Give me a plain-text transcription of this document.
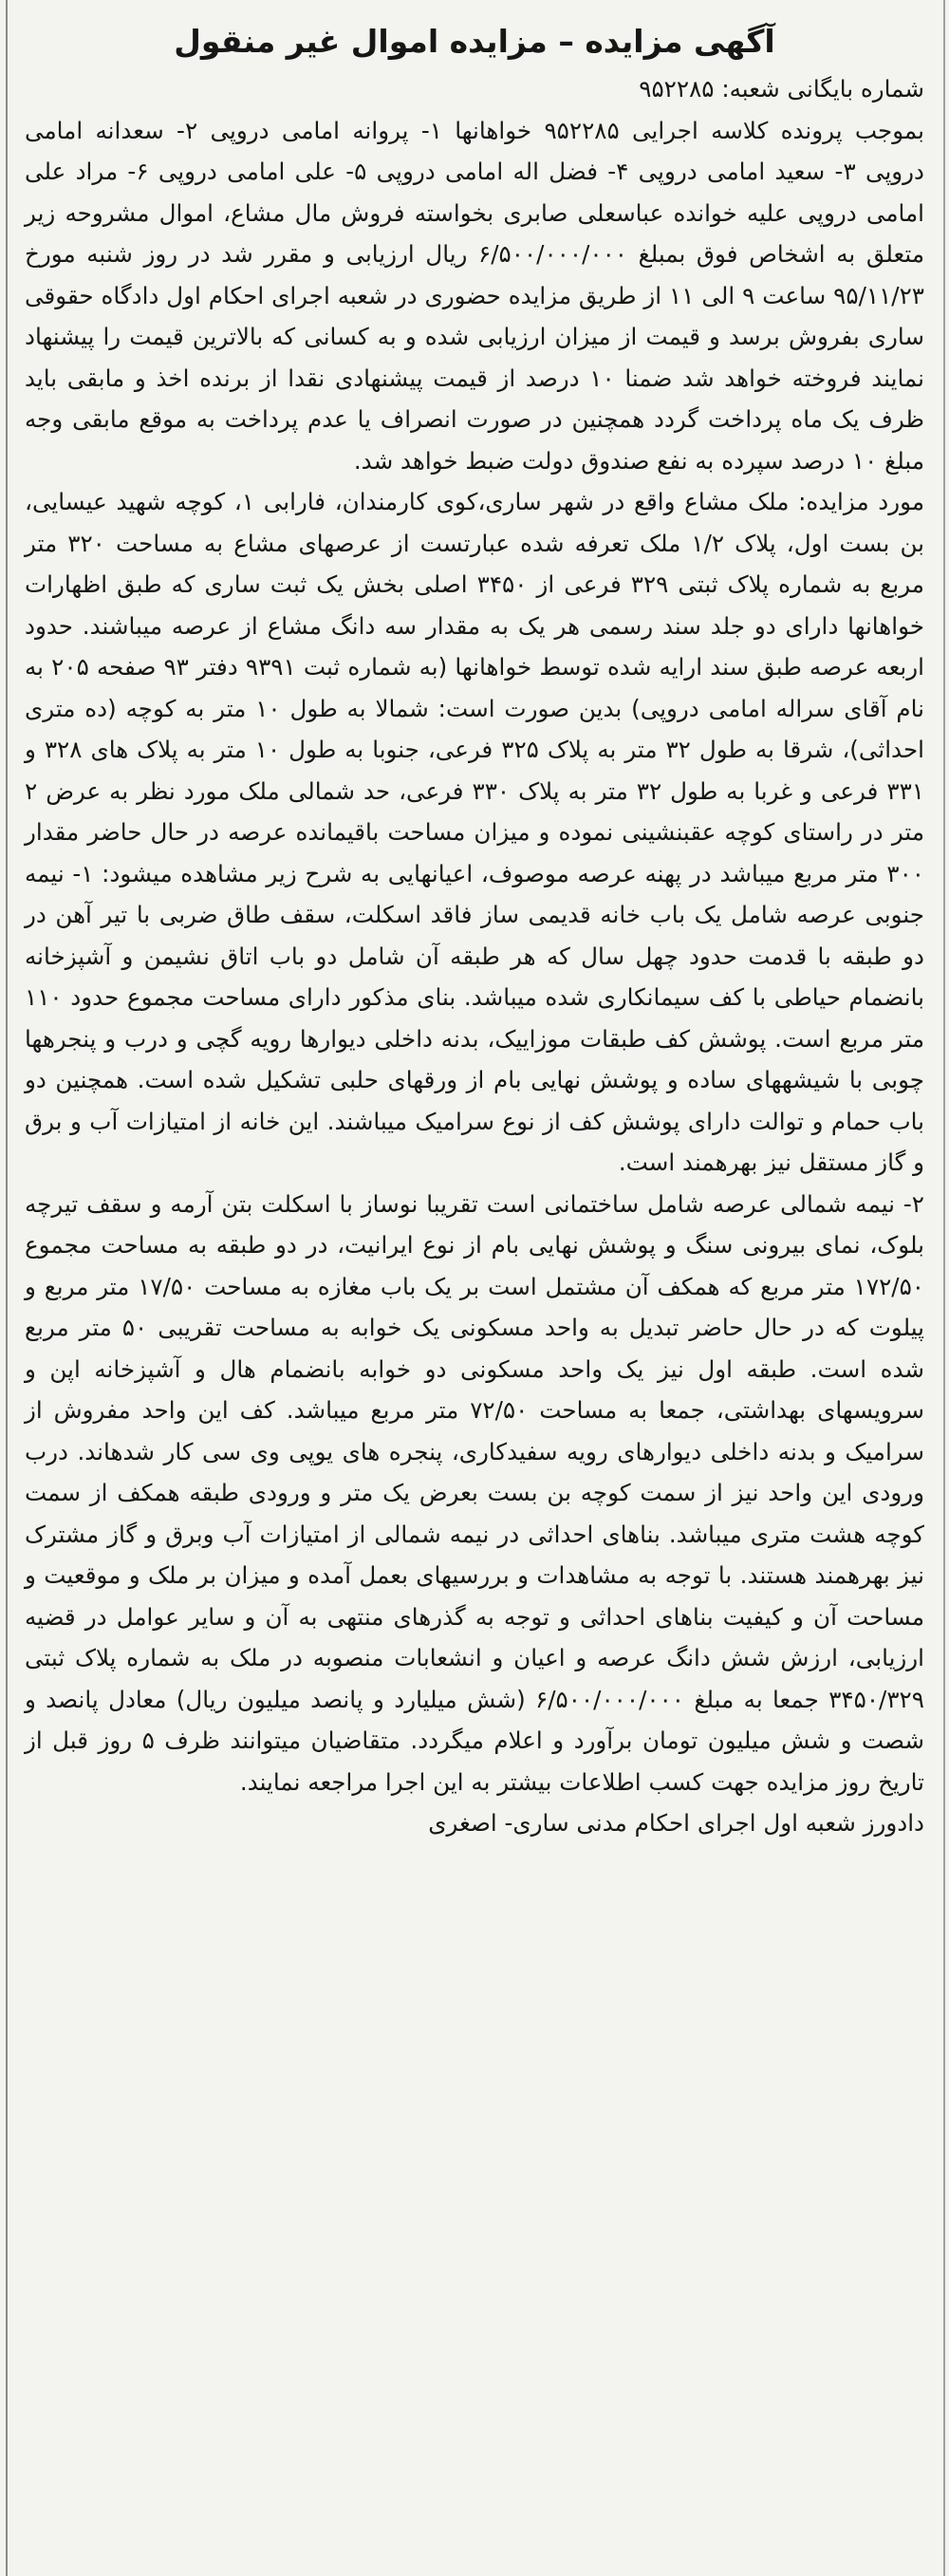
آگهی مزایده – مزایده اموال غیر منقول

شماره بایگانی شعبه: ۹۵۲۲۸۵

بموجب پرونده کلاسه اجرایی ۹۵۲۲۸۵ خواهانها ۱- پروانه امامی دروپی ۲- سعدانه امامی دروپی ۳- سعید امامی دروپی ۴- فضل اله امامی دروپی ۵- علی امامی دروپی ۶- مراد علی امامی دروپی علیه خوانده عباسعلی صابری بخواسته فروش مال مشاع، اموال مشروحه زیر متعلق به اشخاص فوق بمبلغ ۶/۵۰۰/۰۰۰/۰۰۰ ریال ارزیابی و مقرر شد در روز شنبه مورخ ۹۵/۱۱/۲۳ ساعت ۹ الی ۱۱ از طریق مزایده حضوری در شعبه اجرای احکام اول دادگاه حقوقی ساری بفروش برسد و قیمت از میزان ارزیابی شده و به کسانی که بالاترین قیمت را پیشنهاد نمایند فروخته خواهد شد ضمنا ۱۰ درصد از قیمت پیشنهادی نقدا از برنده اخذ و مابقی باید ظرف یک ماه پرداخت گردد همچنین در صورت انصراف یا عدم پرداخت به موقع مابقی وجه مبلغ ۱۰ درصد سپرده به نفع صندوق دولت ضبط خواهد شد.

مورد مزایده: ملک مشاع واقع در شهر ساری،کوی کارمندان، فارابی ۱، کوچه شهید عیسایی، بن بست اول، پلاک ۱/۲ ملک تعرفه شده عبارتست از عرصهای مشاع به مساحت ۳۲۰ متر مربع به شماره پلاک ثبتی ۳۲۹ فرعی از ۳۴۵۰ اصلی بخش یک ثبت ساری که طبق اظهارات خواهانها دارای دو جلد سند رسمی هر یک به مقدار سه دانگ مشاع از عرصه میباشند. حدود اربعه عرصه طبق سند ارایه شده توسط خواهانها (به شماره ثبت ۹۳۹۱ دفتر ۹۳ صفحه ۲۰۵ به نام آقای سراله امامی دروپی) بدین صورت است: شمالا به طول ۱۰ متر به کوچه (ده متری احداثی)، شرقا به طول ۳۲ متر به پلاک ۳۲۵ فرعی، جنوبا به طول ۱۰ متر به پلاک های ۳۲۸ و ۳۳۱ فرعی و غربا به طول ۳۲ متر به پلاک ۳۳۰ فرعی، حد شمالی ملک مورد نظر به عرض ۲ متر در راستای کوچه عقبنشینی نموده و میزان مساحت باقیمانده عرصه در حال حاضر مقدار ۳۰۰ متر مربع میباشد در پهنه عرصه موصوف، اعیانهایی به شرح زیر مشاهده میشود: ۱- نیمه جنوبی عرصه شامل یک باب خانه قدیمی ساز فاقد اسکلت، سقف طاق ضربی با تیر آهن در دو طبقه با قدمت حدود چهل سال که هر طبقه آن شامل دو باب اتاق نشیمن و آشپزخانه بانضمام حیاطی با کف سیمانکاری شده میباشد. بنای مذکور دارای مساحت مجموع حدود ۱۱۰ متر مربع است. پوشش کف طبقات موزاییک، بدنه داخلی دیوارها رویه گچی و درب و پنجرهها چوبی با شیشههای ساده و پوشش نهایی بام از ورقهای حلبی تشکیل شده است. همچنین دو باب حمام و توالت دارای پوشش کف از نوع سرامیک میباشند. این خانه از امتیازات آب و برق و گاز مستقل نیز بهرهمند است.

۲- نیمه شمالی عرصه شامل ساختمانی است تقریبا نوساز با اسکلت بتن آرمه و سقف تیرچه بلوک، نمای بیرونی سنگ و پوشش نهایی بام از نوع ایرانیت، در دو طبقه به مساحت مجموع ۱۷۲/۵۰ متر مربع که همکف آن مشتمل است بر یک باب مغازه به مساحت ۱۷/۵۰ متر مربع و پیلوت که در حال حاضر تبدیل به واحد مسکونی یک خوابه به مساحت تقریبی ۵۰ متر مربع شده است. طبقه اول نیز یک واحد مسکونی دو خوابه بانضمام هال و آشپزخانه اپن و سرویسهای بهداشتی، جمعا به مساحت ۷۲/۵۰ متر مربع میباشد. کف این واحد مفروش از سرامیک و بدنه داخلی دیوارهای رویه سفیدکاری، پنجره های یوپی وی سی کار شدهاند. درب ورودی این واحد نیز از سمت کوچه بن بست بعرض یک متر و ورودی طبقه همکف از سمت کوچه هشت متری میباشد. بناهای احداثی در نیمه شمالی از امتیازات آب وبرق و گاز مشترک نیز بهرهمند هستند. با توجه به مشاهدات و بررسیهای بعمل آمده و میزان بر ملک و موقعیت و مساحت آن و کیفیت بناهای احداثی و توجه به گذرهای منتهی به آن و سایر عوامل در قضیه ارزیابی، ارزش شش دانگ عرصه و اعیان و انشعابات منصوبه در ملک به شماره پلاک ثبتی ۳۴۵۰/۳۲۹ جمعا به مبلغ ۶/۵۰۰/۰۰۰/۰۰۰ (شش میلیارد و پانصد میلیون ریال) معادل پانصد و شصت و شش میلیون تومان برآورد و اعلام میگردد. متقاضیان میتوانند ظرف ۵ روز قبل از تاریخ روز مزایده جهت کسب اطلاعات بیشتر به این اجرا مراجعه نمایند.

دادورز شعبه اول اجرای احکام مدنی ساری- اصغری
